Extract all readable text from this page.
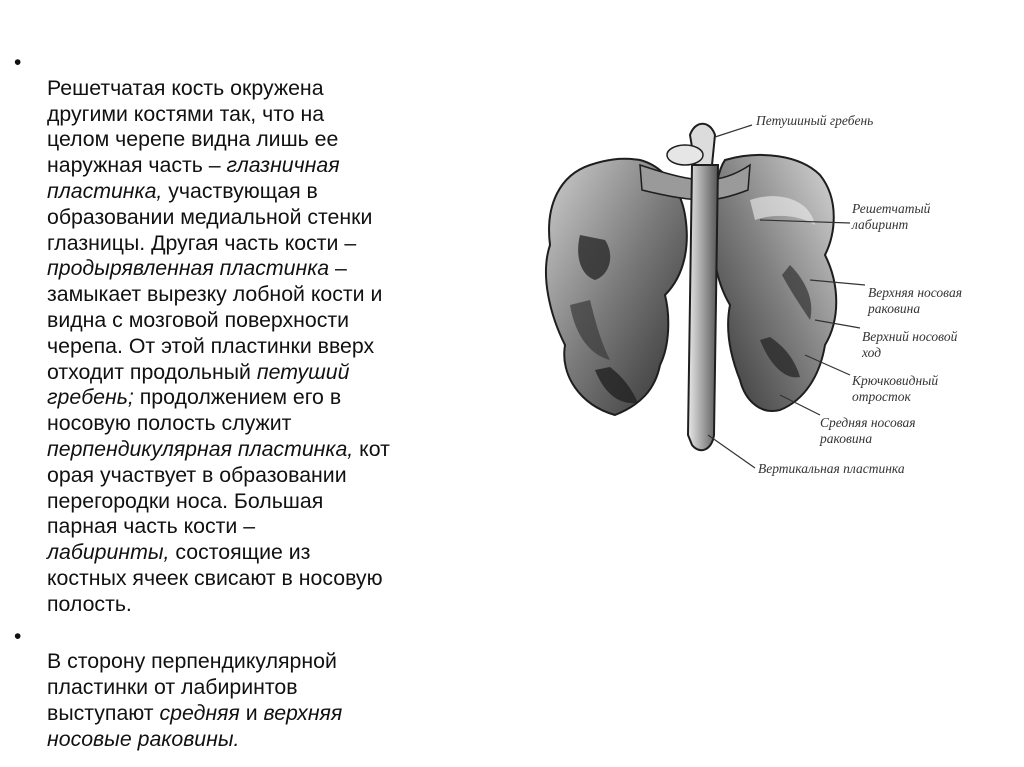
•

Решетчатая кость окружена
другими костями так, что на
целом черепе видна лишь ее
наружная часть – глазничная
пластинка, участвующая в
образовании медиальной стенки
глазницы. Другая часть кости –
продырявленная пластинка –
замыкает вырезку лобной кости и
видна с мозговой поверхности
черепа. От этой пластинки вверх
отходит продольный петуший
гребень; продолжением его в
носовую полость служит
перпендикулярная пластинка, кот
орая участвует в образовании
перегородки носа. Большая
парная часть кости –
лабиринты, состоящие из
костных ячеек свисают в носовую
полость.

•

В сторону перпендикулярной
пластинки от лабиринтов
выступают средняя и верхняя
носовые раковины.

Петушиный гребень
Решетчатый
лабиринт
Верхняя носовая
раковина
Верхний носовой
ход
Крючковидный
отросток
Средняя носовая
раковина
Вертикальная пластинка
